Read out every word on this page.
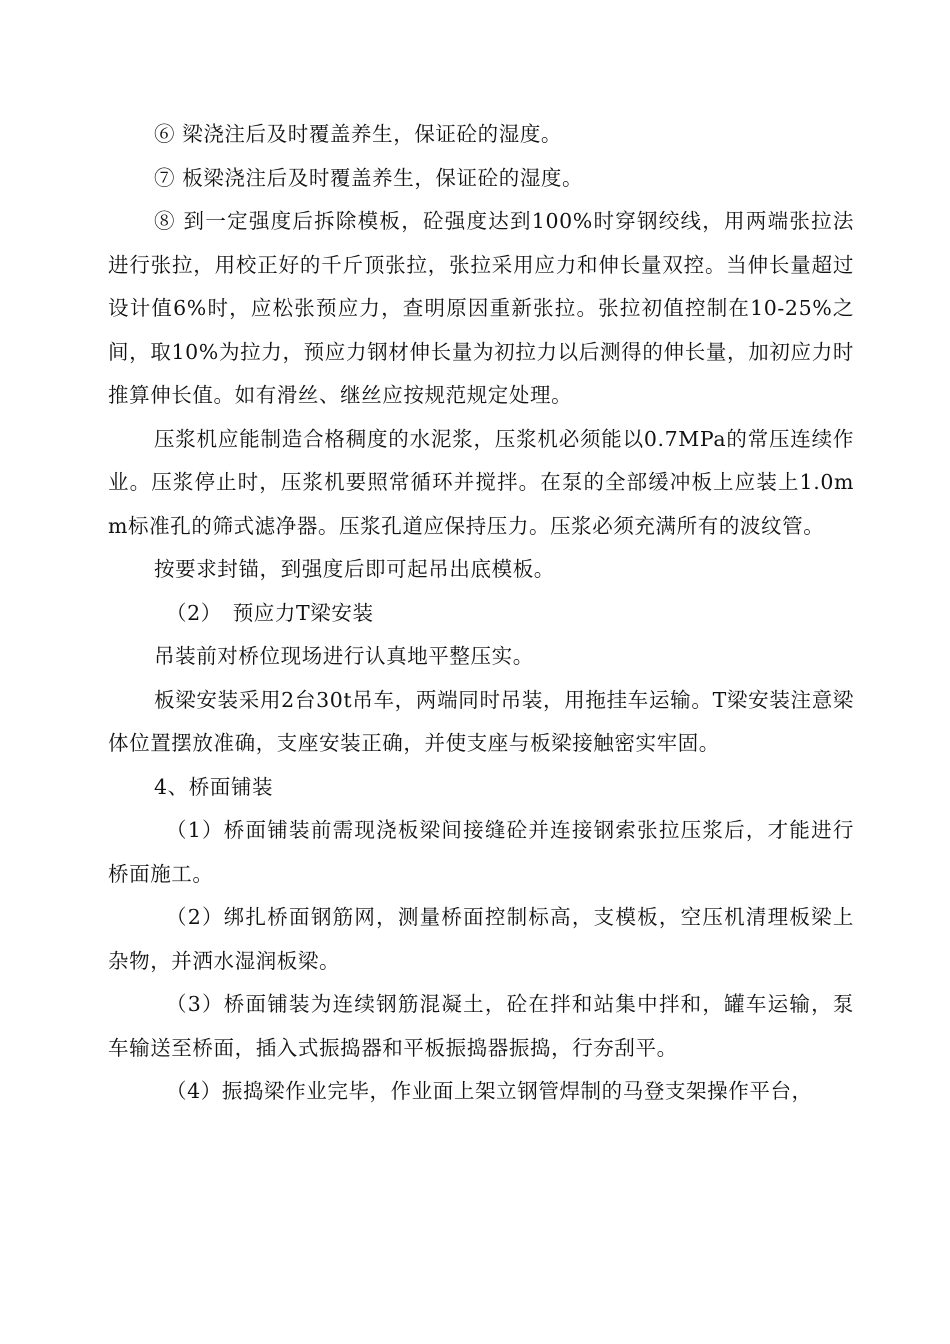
⑥ 梁浇注后及时覆盖养生，保证砼的湿度。

⑦ 板梁浇注后及时覆盖养生，保证砼的湿度。

⑧ 到一定强度后拆除模板，砼强度达到100%时穿钢绞线，用两端张拉法进行张拉，用校正好的千斤顶张拉，张拉采用应力和伸长量双控。当伸长量超过设计值6%时，应松张预应力，查明原因重新张拉。张拉初值控制在10-25%之间，取10%为拉力，预应力钢材伸长量为初拉力以后测得的伸长量，加初应力时推算伸长值。如有滑丝、继丝应按规范规定处理。

压浆机应能制造合格稠度的水泥浆，压浆机必须能以0.7MPa的常压连续作业。压浆停止时，压浆机要照常循环并搅拌。在泵的全部缓冲板上应装上1.0mm标准孔的筛式滤净器。压浆孔道应保持压力。压浆必须充满所有的波纹管。

按要求封锚，到强度后即可起吊出底模板。

（2）　预应力T梁安装

吊装前对桥位现场进行认真地平整压实。

板梁安装采用2台30t吊车，两端同时吊装，用拖挂车运输。T梁安装注意梁体位置摆放准确，支座安装正确，并使支座与板梁接触密实牢固。

4、桥面铺装

（1）桥面铺装前需现浇板梁间接缝砼并连接钢索张拉压浆后，才能进行桥面施工。

（2）绑扎桥面钢筋网，测量桥面控制标高，支模板，空压机清理板梁上杂物，并洒水湿润板梁。

（3）桥面铺装为连续钢筋混凝土，砼在拌和站集中拌和，罐车运输，泵车输送至桥面，插入式振捣器和平板振捣器振捣，行夯刮平。

（4）振捣梁作业完毕，作业面上架立钢管焊制的马登支架操作平台，
